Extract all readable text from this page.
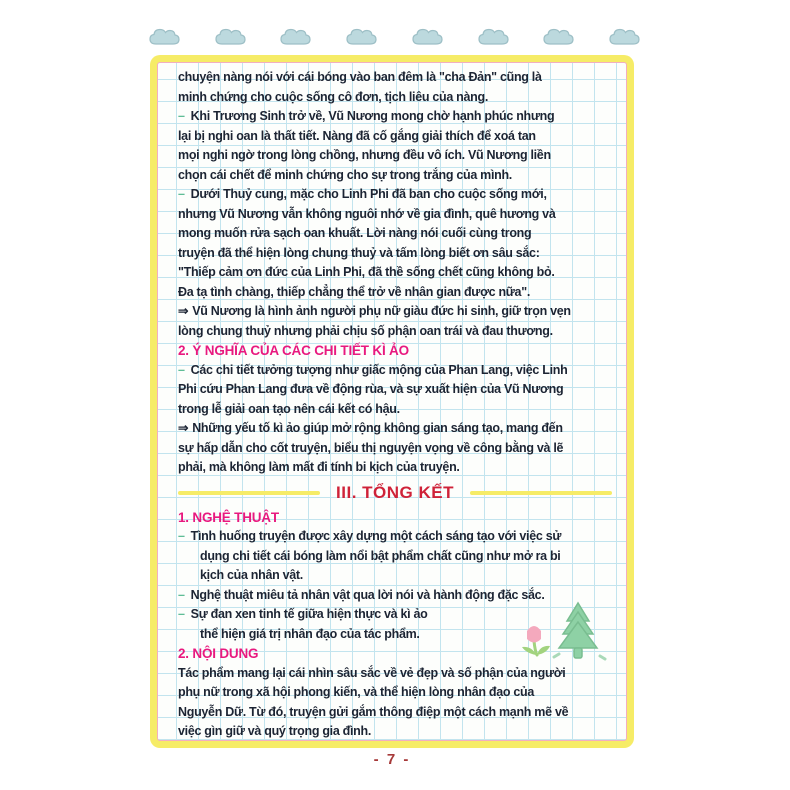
chuyện nàng nói với cái bóng vào ban đêm là "cha Đản" cũng là
minh chứng cho cuộc sống cô đơn, tịch liêu của nàng.
– Khi Trương Sinh trở về, Vũ Nương mong chờ hạnh phúc nhưng
lại bị nghi oan là thất tiết. Nàng đã cố gắng giải thích để xoá tan
mọi nghi ngờ trong lòng chồng, nhưng đều vô ích. Vũ Nương liền
chọn cái chết để minh chứng cho sự trong trắng của mình.
– Dưới Thuỷ cung, mặc cho Linh Phi đã ban cho cuộc sống mới,
nhưng Vũ Nương vẫn không nguôi nhớ về gia đình, quê hương và
mong muốn rửa sạch oan khuất. Lời nàng nói cuối cùng trong
truyện đã thể hiện lòng chung thuỷ và tấm lòng biết ơn sâu sắc:
"Thiếp cảm ơn đức của Linh Phi, đã thề sống chết cũng không bỏ.
Đa tạ tình chàng, thiếp chẳng thể trở về nhân gian được nữa".
⇒ Vũ Nương là hình ảnh người phụ nữ giàu đức hi sinh, giữ trọn vẹn
lòng chung thuỷ nhưng phải chịu số phận oan trái và đau thương.
2. Ý NGHĨA CỦA CÁC CHI TIẾT KÌ ẢO
– Các chi tiết tưởng tượng như giấc mộng của Phan Lang, việc Linh
Phi cứu Phan Lang đưa về động rùa, và sự xuất hiện của Vũ Nương
trong lễ giải oan tạo nên cái kết có hậu.
⇒ Những yếu tố kì ảo giúp mở rộng không gian sáng tạo, mang đến
sự hấp dẫn cho cốt truyện, biểu thị nguyện vọng về công bằng và lẽ
phải, mà không làm mất đi tính bi kịch của truyện.
III. TỔNG KẾT
1. NGHỆ THUẬT
– Tình huống truyện được xây dựng một cách sáng tạo với việc sử
dụng chi tiết cái bóng làm nổi bật phẩm chất cũng như mở ra bi
kịch của nhân vật.
– Nghệ thuật miêu tả nhân vật qua lời nói và hành động đặc sắc.
– Sự đan xen tinh tế giữa hiện thực và kì ảo
thể hiện giá trị nhân đạo của tác phẩm.
2. NỘI DUNG
Tác phẩm mang lại cái nhìn sâu sắc về vẻ đẹp và số phận của người
phụ nữ trong xã hội phong kiến, và thể hiện lòng nhân đạo của
Nguyễn Dữ. Từ đó, truyện gửi gắm thông điệp một cách mạnh mẽ về
việc gìn giữ và quý trọng gia đình.
- 7 -
